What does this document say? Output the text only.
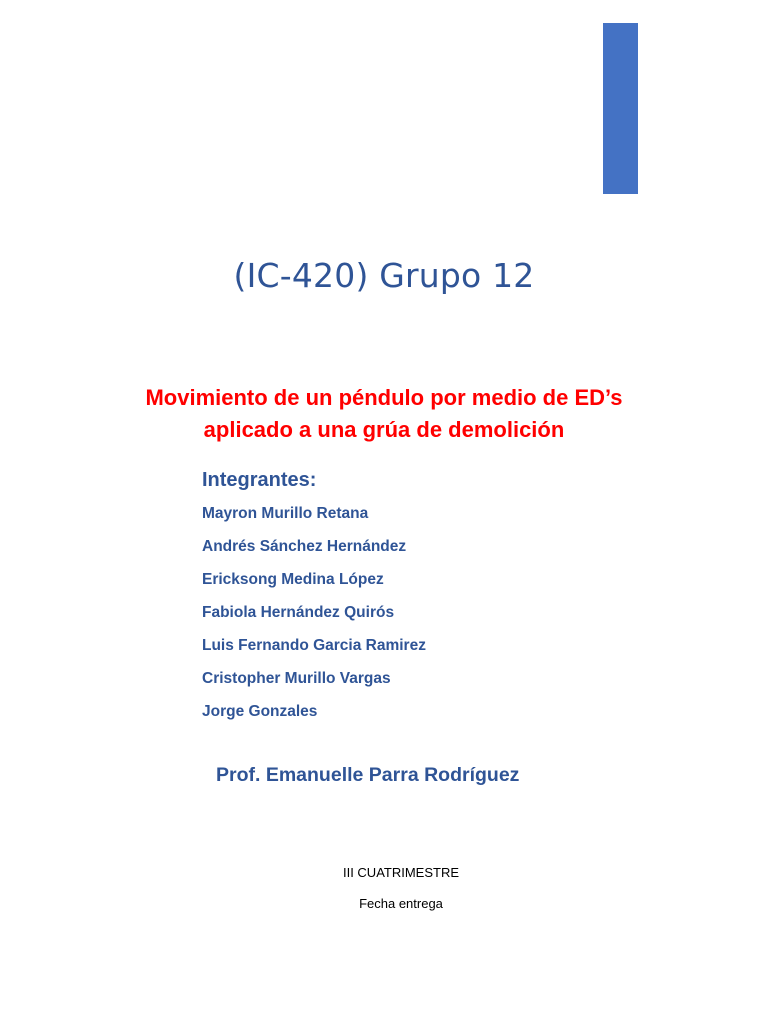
(IC-420) Grupo 12
Movimiento de un péndulo por medio de ED’s
aplicado a una grúa de demolición
Integrantes:
Mayron Murillo Retana
Andrés Sánchez Hernández
Ericksong Medina López
Fabiola Hernández Quirós
Luis Fernando Garcia Ramirez
Cristopher Murillo Vargas
Jorge Gonzales

Prof. Emanuelle Parra Rodríguez

III CUATRIMESTRE

Fecha entrega
